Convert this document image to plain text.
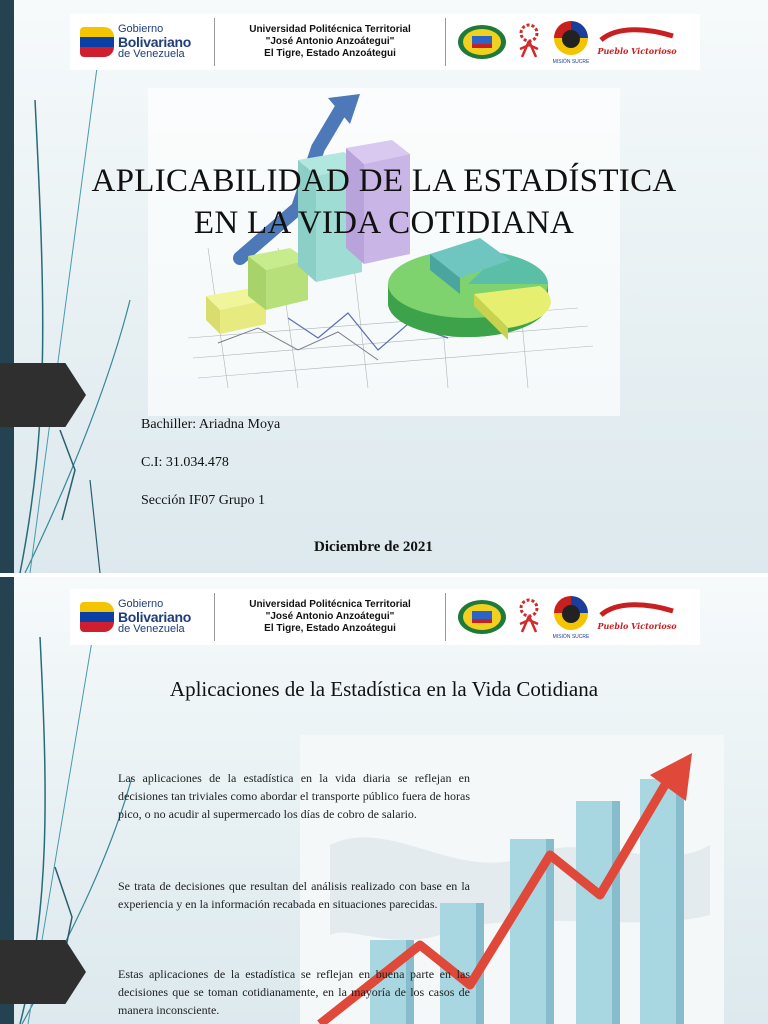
Gobierno
Bolivariano
de Venezuela
Universidad Politécnica Territorial
"José Antonio Anzoátegui"
El Tigre, Estado Anzoátegui
MISIÓN SUCRE
Pueblo Victorioso
APLICABILIDAD DE LA ESTADÍSTICA
EN LA VIDA COTIDIANA
Bachiller: Ariadna Moya
C.I: 31.034.478
Sección IF07 Grupo 1
Diciembre de 2021
Gobierno
Bolivariano
de Venezuela
Universidad Politécnica Territorial
"José Antonio Anzoátegui"
El Tigre, Estado Anzoátegui
MISIÓN SUCRE
Pueblo Victorioso
Aplicaciones de la Estadística en la Vida Cotidiana
Las aplicaciones de la estadística en la vida diaria se reflejan en decisiones tan triviales como abordar el transporte público fuera de horas pico, o no acudir al supermercado los días de cobro de salario.
Se trata de decisiones que resultan del análisis realizado con base en la experiencia y en la información recabada en situaciones parecidas.
Estas aplicaciones de la estadística se reflejan en buena parte en las decisiones que se toman cotidianamente, en la mayoría de los casos de manera inconsciente.
